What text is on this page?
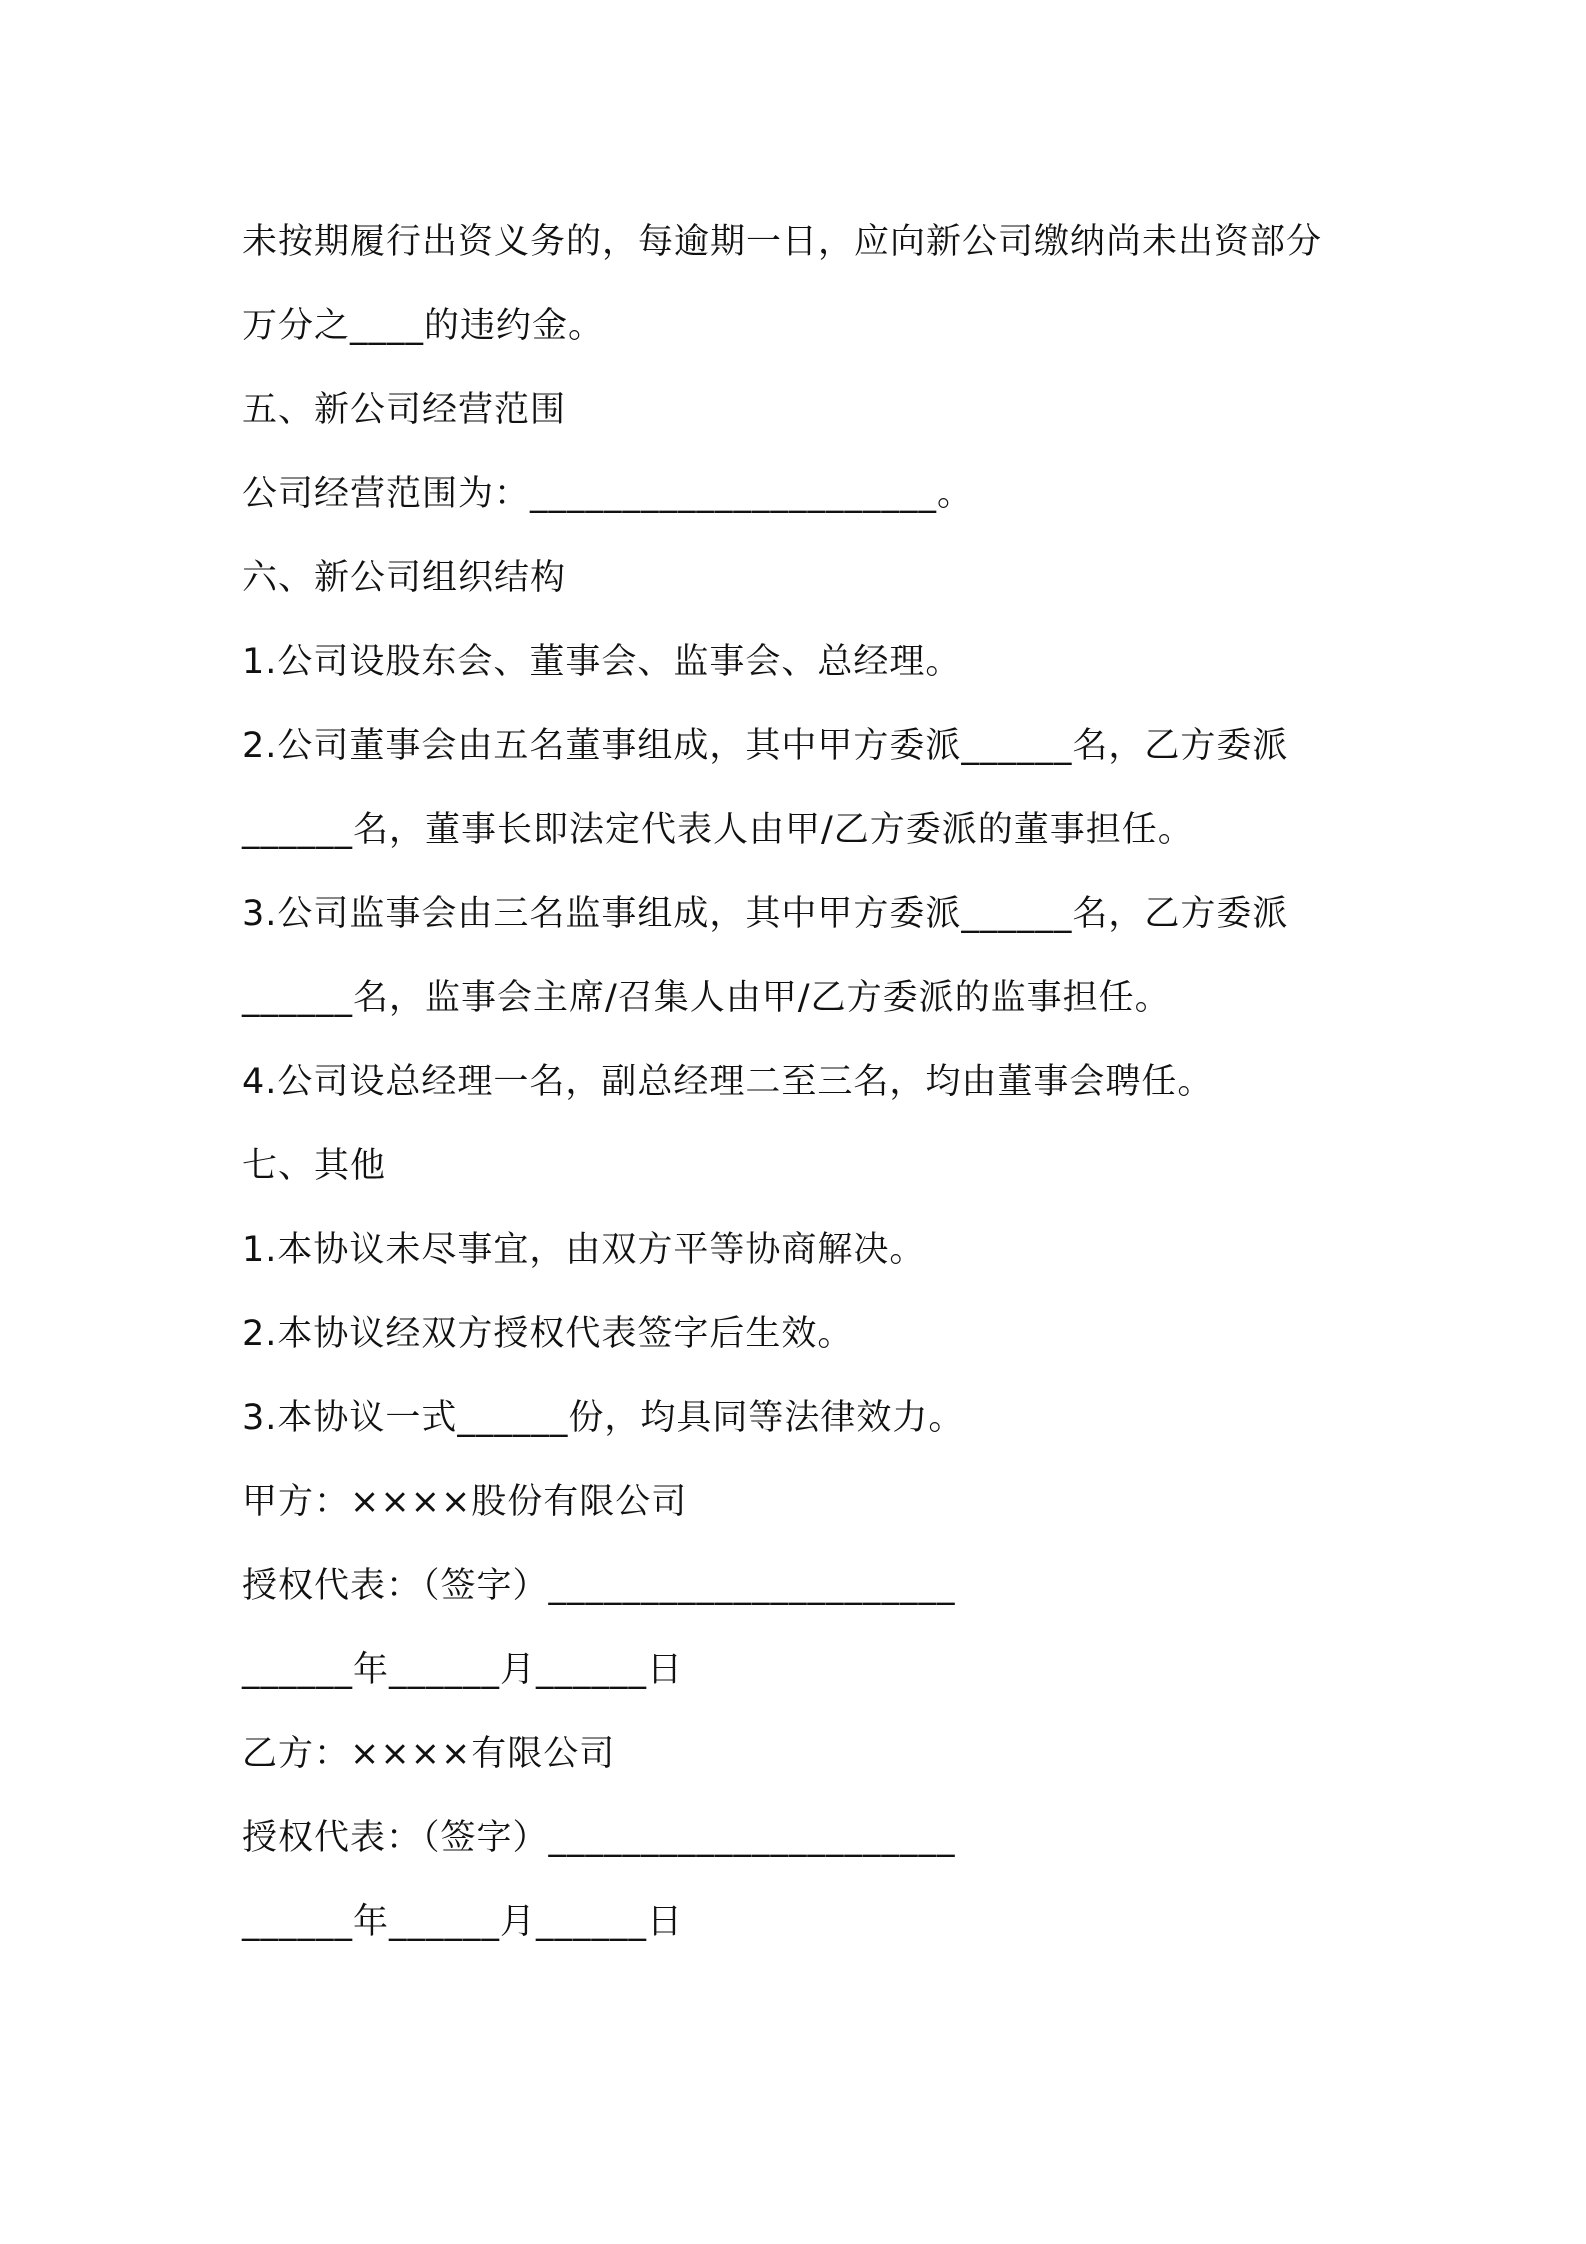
未按期履行出资义务的，每逾期一日，应向新公司缴纳尚未出资部分
万分之____的违约金。
五、新公司经营范围
公司经营范围为：______________________。
六、新公司组织结构
1.公司设股东会、董事会、监事会、总经理。
2.公司董事会由五名董事组成，其中甲方委派______名，乙方委派
______名，董事长即法定代表人由甲/乙方委派的董事担任。
3.公司监事会由三名监事组成，其中甲方委派______名，乙方委派
______名，监事会主席/召集人由甲/乙方委派的监事担任。
4.公司设总经理一名，副总经理二至三名，均由董事会聘任。
七、其他
1.本协议未尽事宜，由双方平等协商解决。
2.本协议经双方授权代表签字后生效。
3.本协议一式______份，均具同等法律效力。
甲方：××××股份有限公司
授权代表：（签字）______________________
______年______月______日
乙方：××××有限公司
授权代表：（签字）______________________
______年______月______日
